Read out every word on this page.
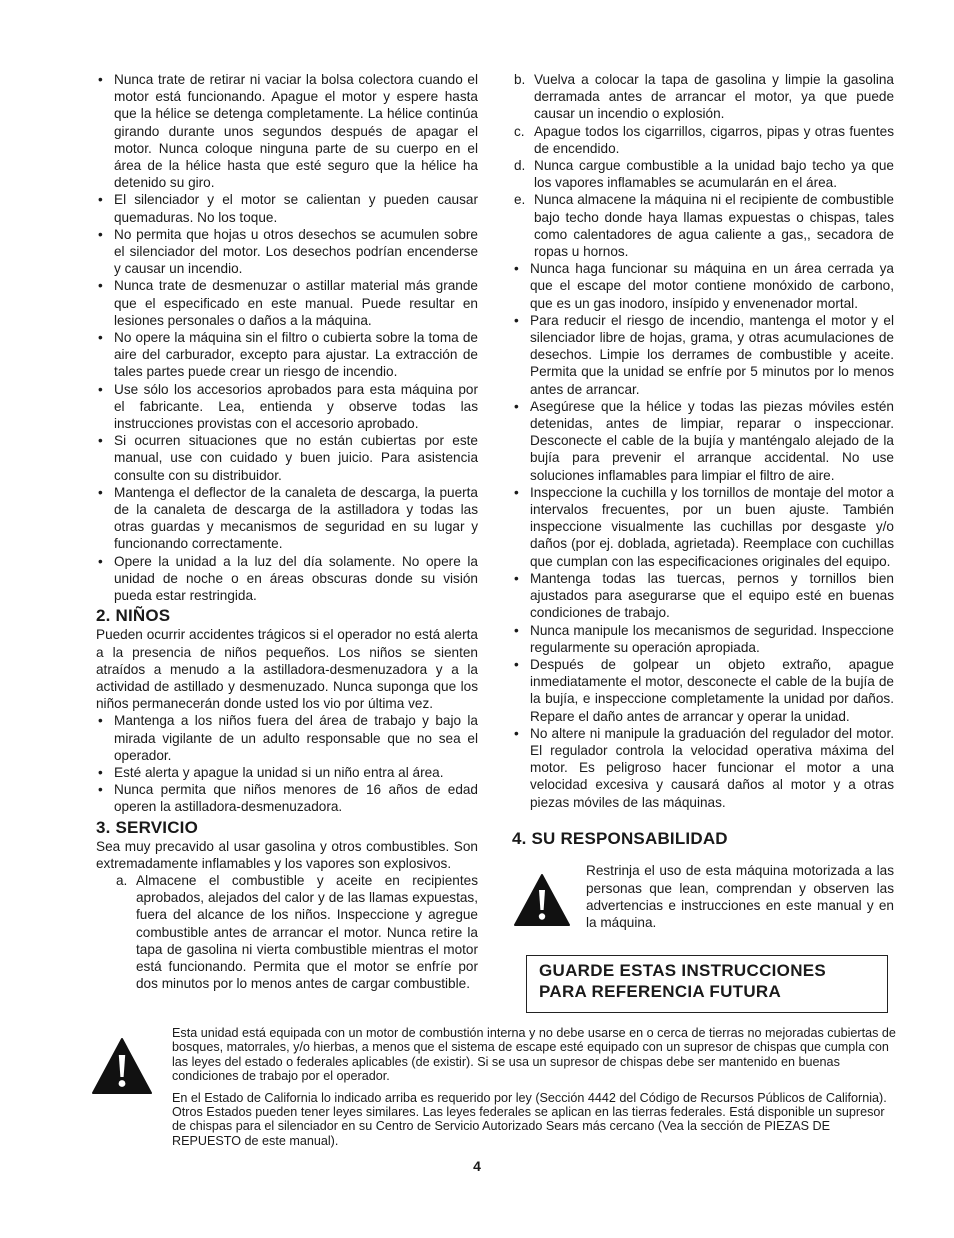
• Nunca trate de retirar ni vaciar la bolsa colectora cuando el motor está funcionando. Apague el motor y espere hasta que la hélice se detenga completamente. La hélice continúa girando durante unos segundos después de apagar el motor. Nunca coloque ninguna parte de su cuerpo en el área de la hélice hasta que esté seguro que la hélice ha detenido su giro.
• El silenciador y el motor se calientan y pueden causar quemaduras. No los toque.
• No permita que hojas u otros desechos se acumulen sobre el silenciador del motor. Los desechos podrían encenderse y causar un incendio.
• Nunca trate de desmenuzar o astillar material más grande que el especificado en este manual. Puede resultar en lesiones personales o daños a la máquina.
• No opere la máquina sin el filtro o cubierta sobre la toma de aire del carburador, excepto para ajustar. La extracción de tales partes puede crear un riesgo de incendio.
• Use sólo los accesorios aprobados para esta máquina por el fabricante. Lea, entienda y observe todas las instrucciones provistas con el accesorio aprobado.
• Si ocurren situaciones que no están cubiertas por este manual, use con cuidado y buen juicio. Para asistencia consulte con su distribuidor.
• Mantenga el deflector de la canaleta de descarga, la puerta de la canaleta de descarga de la astilladora y todas las otras guardas y mecanismos de seguridad en su lugar y funcionando correctamente.
• Opere la unidad a la luz del día solamente. No opere la unidad de noche o en áreas obscuras donde su visión pueda estar restringida.
2. NIÑOS

Pueden ocurrir accidentes trágicos si el operador no está alerta a la presencia de niños pequeños. Los niños se sienten atraídos a menudo a la astilladora-desmenuzadora y a la actividad de astillado y desmenuzado. Nunca suponga que los niños permanecerán donde usted los vio por última vez.

• Mantenga a los niños fuera del área de trabajo y bajo la mirada vigilante de un adulto responsable que no sea el operador.
• Esté alerta y apague la unidad si un niño entra al área.
• Nunca permita que niños menores de 16 años de edad operen la astilladora-desmenuzadora.
3. SERVICIO

Sea muy precavido al usar gasolina y otros combustibles. Son extremadamente inflamables y los vapores son explosivos.

a. Almacene el combustible y aceite en recipientes aprobados, alejados del calor y de las llamas expuestas, fuera del alcance de los niños. Inspeccione y agregue combustible antes de arrancar el motor. Nunca retire la tapa de gasolina ni vierta combustible mientras el motor está funcionando. Permita que el motor se enfríe por dos minutos por lo menos antes de cargar combustible.
b. Vuelva a colocar la tapa de gasolina y limpie la gasolina derramada antes de arrancar el motor, ya que puede causar un incendio o explosión.
c. Apague todos los cigarrillos, cigarros, pipas y otras fuentes de encendido.
d. Nunca cargue combustible a la unidad bajo techo ya que los vapores inflamables se acumularán en el área.
e. Nunca almacene la máquina ni el recipiente de combustible bajo techo donde haya llamas expuestas o chispas, tales como calentadores de agua caliente a gas,, secadora de ropas u hornos.
• Nunca haga funcionar su máquina en un área cerrada ya que el escape del motor contiene monóxido de carbono, que es un gas inodoro, insípido y envenenador mortal.
• Para reducir el riesgo de incendio, mantenga el motor y el silenciador libre de hojas, grama, y otras acumulaciones de desechos. Limpie los derrames de combustible y aceite. Permita que la unidad se enfríe por 5 minutos por lo menos antes de arrancar.
• Asegúrese que la hélice y todas las piezas móviles estén detenidas, antes de limpiar, reparar o inspeccionar. Desconecte el cable de la bujía y manténgalo alejado de la bujía para prevenir el arranque accidental. No use soluciones inflamables para limpiar el filtro de aire.
• Inspeccione la cuchilla y los tornillos de montaje del motor a intervalos frecuentes, por un buen ajuste. También inspeccione visualmente las cuchillas por desgaste y/o daños (por ej. doblada, agrietada). Reemplace con cuchillas que cumplan con las especificaciones originales del equipo.
• Mantenga todas las tuercas, pernos y tornillos bien ajustados para asegurarse que el equipo esté en buenas condiciones de trabajo.
• Nunca manipule los mecanismos de seguridad. Inspeccione regularmente su operación apropiada.
• Después de golpear un objeto extraño, apague inmediatamente el motor, desconecte el cable de la bujía de la bujía, e inspeccione completamente la unidad por daños. Repare el daño antes de arrancar y operar la unidad.
• No altere ni manipule la graduación del regulador del motor. El regulador controla la velocidad operativa máxima del motor. Es peligroso hacer funcionar el motor a una velocidad excesiva y causará daños al motor y a otras piezas móviles de las máquinas.
4. SU RESPONSABILIDAD

Restrinja el uso de esta máquina motorizada a las personas que lean, comprendan y observen las advertencias e instrucciones en este manual y en la máquina.

GUARDE ESTAS INSTRUCCIONES
PARA REFERENCIA FUTURA

Esta unidad está equipada con un motor de combustión interna y no debe usarse en o cerca de tierras no mejoradas cubiertas de bosques, matorrales, y/o hierbas, a menos que el sistema de escape esté equipado con un supresor de chispas que cumpla con las leyes del estado o federales aplicables (de existir). Si se usa un supresor de chispas debe ser mantenido en buenas condiciones de trabajo por el operador.

En el Estado de California lo indicado arriba es requerido por ley (Sección 4442 del Código de Recursos Públicos de California). Otros Estados pueden tener leyes similares. Las leyes federales se aplican en las tierras federales. Está disponible un supresor de chispas para el silenciador en su Centro de Servicio Autorizado Sears más cercano (Vea la sección de PIEZAS DE REPUESTO de este manual).

4
